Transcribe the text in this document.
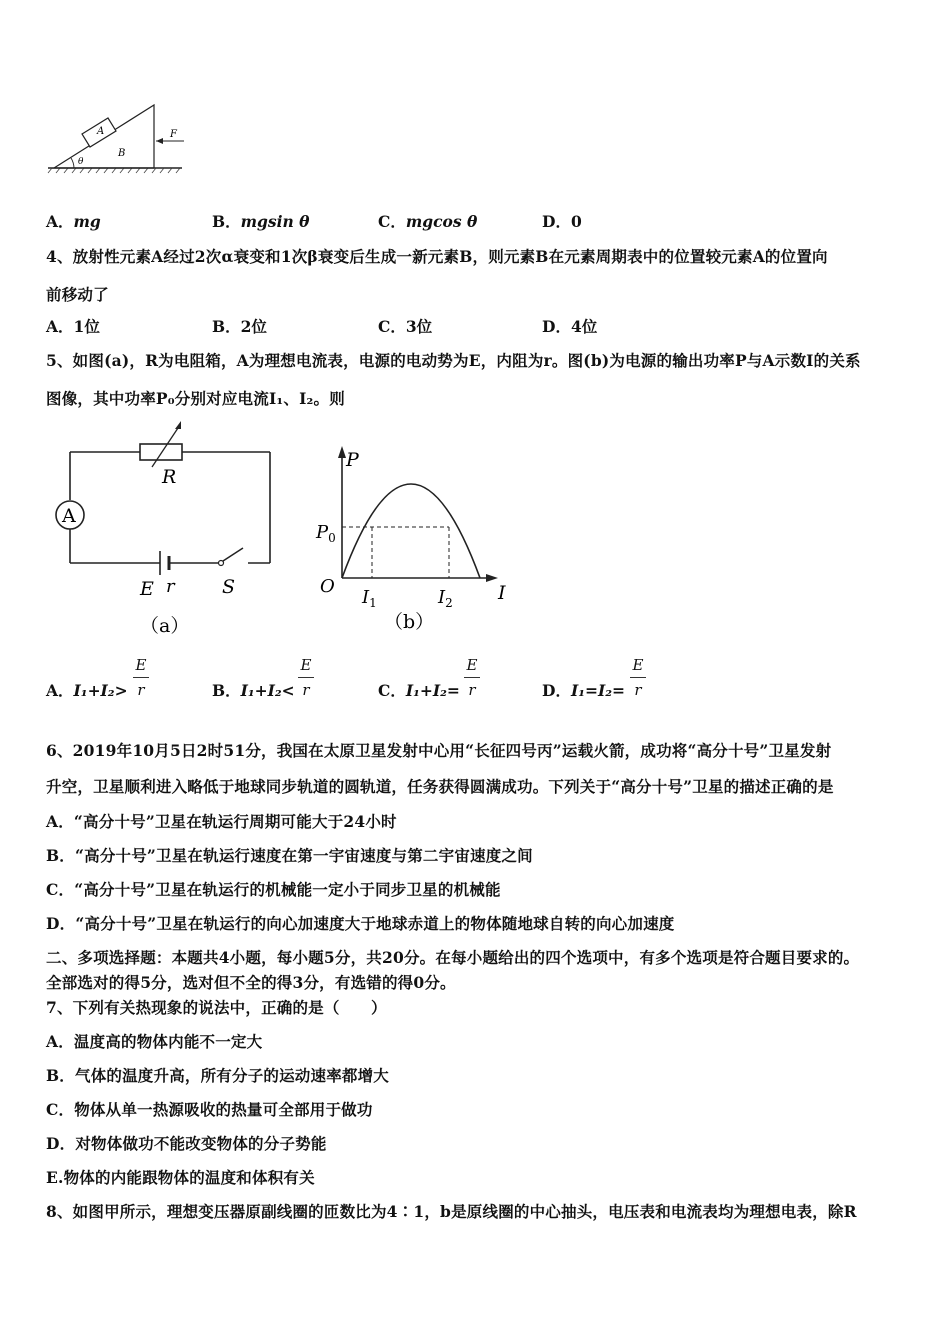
A
B
θ
F
A．mg	B．mgsin θ	C．mgcos θ	D．0
4、放射性元素A经过2次α衰变和1次β衰变后生成一新元素B，则元素B在元素周期表中的位置较元素A的位置向
前移动了
A．1位	B．2位	C．3位	D．4位
5、如图(a)，R为电阻箱，A为理想电流表，电源的电动势为E，内阻为r。图(b)为电源的输出功率P与A示数I的关系
图像，其中功率P₀分别对应电流I₁、I₂。则
R
A
E r S
（a）
P
$P_0$
O
$I_1$	$I_2$ I
（b）
A．I₁+I₂>
E
r	B．I₁+I₂<
E
r	C．I₁+I₂=
E
r	D．I₁=I₂=
E
r
6、2019年10月5日2时51分，我国在太原卫星发射中心用“长征四号丙”运载火箭，成功将“高分十号”卫星发射
升空，卫星顺利进入略低于地球同步轨道的圆轨道，任务获得圆满成功。下列关于“高分十号”卫星的描述正确的是
A．“高分十号”卫星在轨运行周期可能大于24小时
B．“高分十号”卫星在轨运行速度在第一宇宙速度与第二宇宙速度之间
C．“高分十号”卫星在轨运行的机械能一定小于同步卫星的机械能
D．“高分十号”卫星在轨运行的向心加速度大于地球赤道上的物体随地球自转的向心加速度
二、多项选择题：本题共4小题，每小题5分，共20分。在每小题给出的四个选项中，有多个选项是符合题目要求的。
全部选对的得5分，选对但不全的得3分，有选错的得0分。
7、下列有关热现象的说法中，正确的是（　　）
A．温度高的物体内能不一定大
B．气体的温度升高，所有分子的运动速率都增大
C．物体从单一热源吸收的热量可全部用于做功
D．对物体做功不能改变物体的分子势能
E.物体的内能跟物体的温度和体积有关
8、如图甲所示，理想变压器原副线圈的匝数比为4∶1，b是原线圈的中心抽头，电压表和电流表均为理想电表，除R
